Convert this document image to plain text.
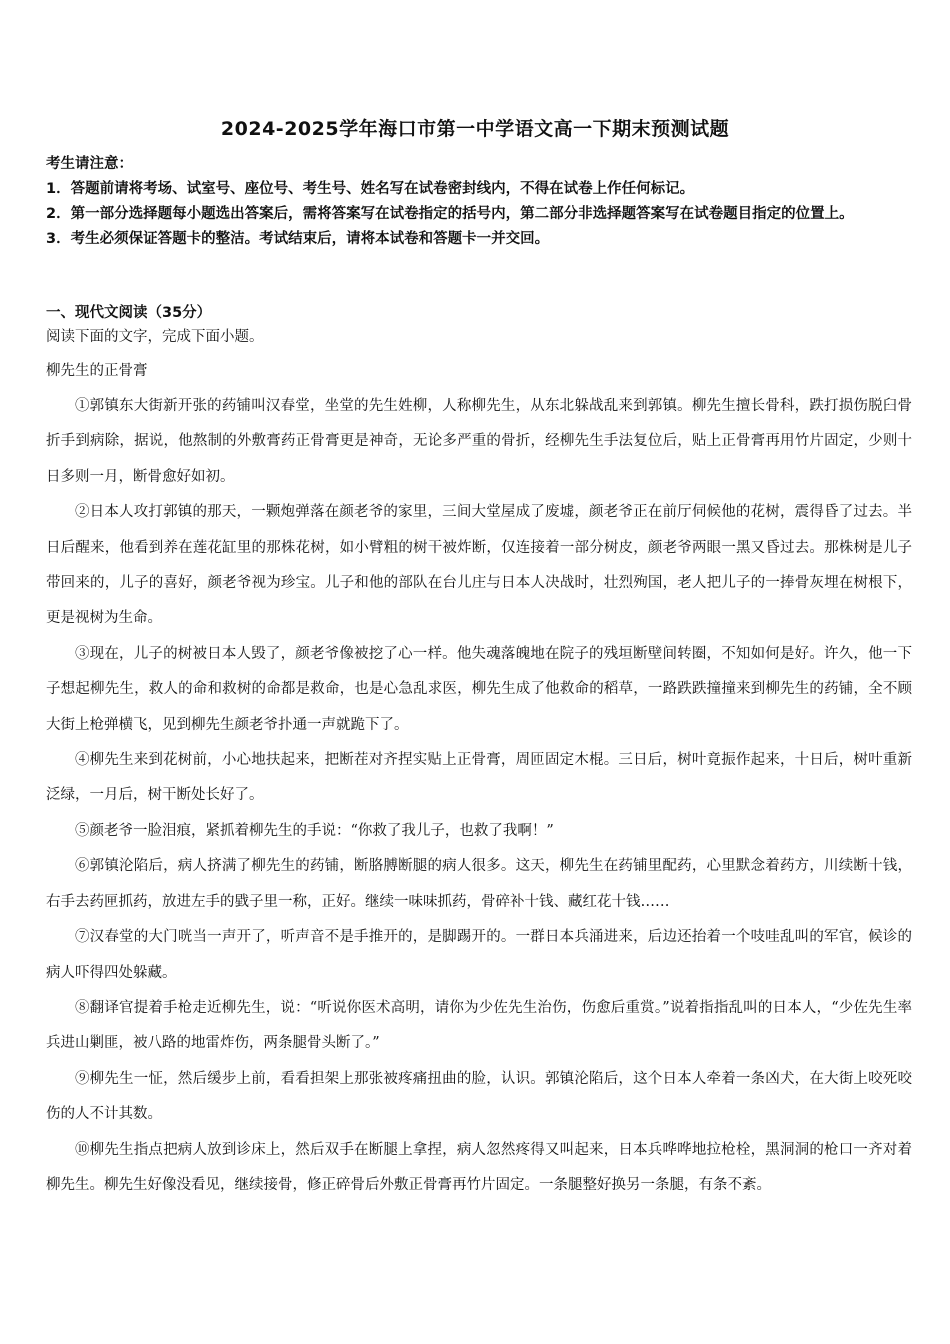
2024-2025学年海口市第一中学语文高一下期末预测试题
考生请注意：
1．答题前请将考场、试室号、座位号、考生号、姓名写在试卷密封线内，不得在试卷上作任何标记。
2．第一部分选择题每小题选出答案后，需将答案写在试卷指定的括号内，第二部分非选择题答案写在试卷题目指定的位置上。
3．考生必须保证答题卡的整洁。考试结束后，请将本试卷和答题卡一并交回。
一、现代文阅读（35分）
阅读下面的文字，完成下面小题。
柳先生的正骨膏

①郭镇东大街新开张的药铺叫汉春堂，坐堂的先生姓柳，人称柳先生，从东北躲战乱来到郭镇。柳先生擅长骨科，跌打损伤脱臼骨折手到病除，据说，他熬制的外敷膏药正骨膏更是神奇，无论多严重的骨折，经柳先生手法复位后，贴上正骨膏再用竹片固定，少则十日多则一月，断骨愈好如初。

②日本人攻打郭镇的那天，一颗炮弹落在颜老爷的家里，三间大堂屋成了废墟，颜老爷正在前厅伺候他的花树，震得昏了过去。半日后醒来，他看到养在莲花缸里的那株花树，如小臂粗的树干被炸断，仅连接着一部分树皮，颜老爷两眼一黑又昏过去。那株树是儿子带回来的，儿子的喜好，颜老爷视为珍宝。儿子和他的部队在台儿庄与日本人决战时，壮烈殉国，老人把儿子的一捧骨灰埋在树根下，更是视树为生命。

③现在，儿子的树被日本人毁了，颜老爷像被挖了心一样。他失魂落魄地在院子的残垣断壁间转圈，不知如何是好。许久，他一下子想起柳先生，救人的命和救树的命都是救命，也是心急乱求医，柳先生成了他救命的稻草，一路跌跌撞撞来到柳先生的药铺，全不顾大街上枪弹横飞，见到柳先生颜老爷扑通一声就跪下了。

④柳先生来到花树前，小心地扶起来，把断茬对齐捏实贴上正骨膏，周匝固定木棍。三日后，树叶竟振作起来，十日后，树叶重新泛绿，一月后，树干断处长好了。

⑤颜老爷一脸泪痕，紧抓着柳先生的手说：“你救了我儿子，也救了我啊！”

⑥郭镇沦陷后，病人挤满了柳先生的药铺，断胳膊断腿的病人很多。这天，柳先生在药铺里配药，心里默念着药方，川续断十钱，右手去药匣抓药，放进左手的戥子里一称，正好。继续一味味抓药，骨碎补十钱、藏红花十钱……

⑦汉春堂的大门咣当一声开了，听声音不是手推开的，是脚踢开的。一群日本兵涌进来，后边还抬着一个吱哇乱叫的军官，候诊的病人吓得四处躲藏。

⑧翻译官提着手枪走近柳先生，说：“听说你医术高明，请你为少佐先生治伤，伤愈后重赏。”说着指指乱叫的日本人，“少佐先生率兵进山剿匪，被八路的地雷炸伤，两条腿骨头断了。”

⑨柳先生一怔，然后缓步上前，看看担架上那张被疼痛扭曲的脸，认识。郭镇沦陷后，这个日本人牵着一条凶犬，在大街上咬死咬伤的人不计其数。

⑩柳先生指点把病人放到诊床上，然后双手在断腿上拿捏，病人忽然疼得又叫起来，日本兵哗哗地拉枪栓，黑洞洞的枪口一齐对着柳先生。柳先生好像没看见，继续接骨，修正碎骨后外敷正骨膏再竹片固定。一条腿整好换另一条腿，有条不紊。
